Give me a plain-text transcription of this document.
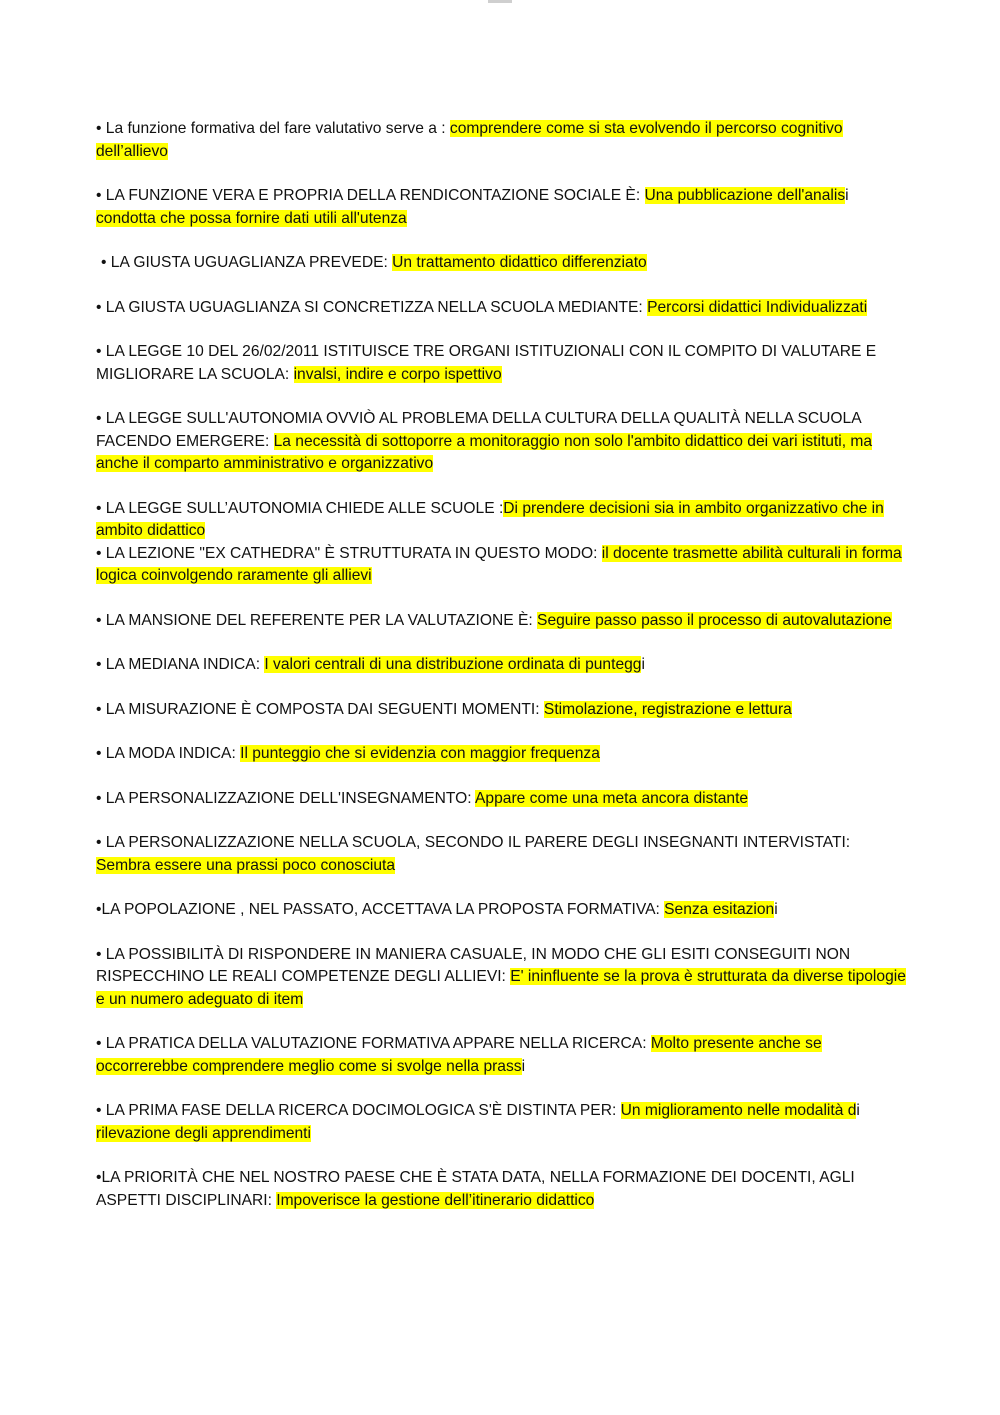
• La funzione formativa del fare valutativo serve a : comprendere come si sta evolvendo il percorso cognitivo dell’allievo

• LA FUNZIONE VERA E PROPRIA DELLA RENDICONTAZIONE SOCIALE È: Una pubblicazione dell'analisi condotta che possa fornire dati utili all'utenza

• LA GIUSTA UGUAGLIANZA PREVEDE: Un trattamento didattico differenziato

• LA GIUSTA UGUAGLIANZA SI CONCRETIZZA NELLA SCUOLA MEDIANTE: Percorsi didattici Individualizzati

• LA LEGGE 10 DEL 26/02/2011 ISTITUISCE TRE ORGANI ISTITUZIONALI CON IL COMPITO DI VALUTARE E MIGLIORARE LA SCUOLA: invalsi, indire e corpo ispettivo

• LA LEGGE SULL'AUTONOMIA OVVIÒ AL PROBLEMA DELLA CULTURA DELLA QUALITÀ NELLA SCUOLA FACENDO EMERGERE: La necessità di sottoporre a monitoraggio non solo l'ambito didattico dei vari istituti, ma anche il comparto amministrativo e organizzativo

• LA LEGGE SULL’AUTONOMIA CHIEDE ALLE SCUOLE :Di prendere decisioni sia in ambito organizzativo che in ambito didattico

• LA LEZIONE "EX CATHEDRA" È STRUTTURATA IN QUESTO MODO: il docente trasmette abilità culturali in forma logica coinvolgendo raramente gli allievi

• LA MANSIONE DEL REFERENTE PER LA VALUTAZIONE È: Seguire passo passo il processo di autovalutazione

• LA MEDIANA INDICA: I valori centrali di una distribuzione ordinata di punteggi

• LA MISURAZIONE È COMPOSTA DAI SEGUENTI MOMENTI: Stimolazione, registrazione e lettura

• LA MODA INDICA: Il punteggio che si evidenzia con maggior frequenza

• LA PERSONALIZZAZIONE DELL'INSEGNAMENTO: Appare come una meta ancora distante

• LA PERSONALIZZAZIONE NELLA SCUOLA, SECONDO IL PARERE DEGLI INSEGNANTI INTERVISTATI: Sembra essere una prassi poco conosciuta

•LA POPOLAZIONE , NEL PASSATO, ACCETTAVA LA PROPOSTA FORMATIVA: Senza esitazioni

• LA POSSIBILITÀ DI RISPONDERE IN MANIERA CASUALE, IN MODO CHE GLI ESITI CONSEGUITI NON RISPECCHINO LE REALI COMPETENZE DEGLI ALLIEVI: E' ininfluente se la prova è strutturata da diverse tipologie e un numero adeguato di item

• LA PRATICA DELLA VALUTAZIONE FORMATIVA APPARE NELLA RICERCA: Molto presente anche se occorrerebbe comprendere meglio come si svolge nella prassi

• LA PRIMA FASE DELLA RICERCA DOCIMOLOGICA S'È DISTINTA PER: Un miglioramento nelle modalità di rilevazione degli apprendimenti

•LA PRIORITÀ CHE NEL NOSTRO PAESE CHE È STATA DATA, NELLA FORMAZIONE DEI DOCENTI, AGLI ASPETTI DISCIPLINARI: Impoverisce la gestione dell’itinerario didattico
